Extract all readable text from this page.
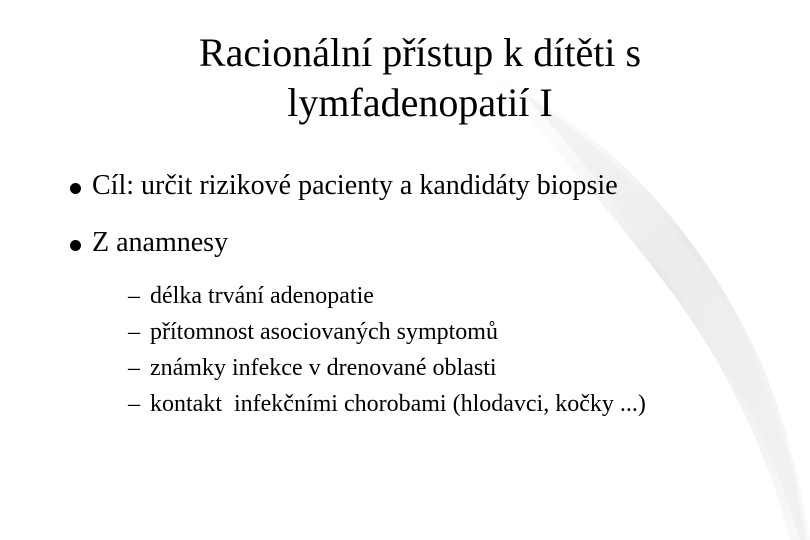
Racionální přístup k dítěti s
lymfadenopatií I
Cíl: určit rizikové pacienty a kandidáty biopsie
Z anamnesy
– délka trvání adenopatie
– přítomnost asociovaných symptomů
– známky infekce v drenované oblasti
– kontakt  infekčními chorobami (hlodavci, kočky ...)
